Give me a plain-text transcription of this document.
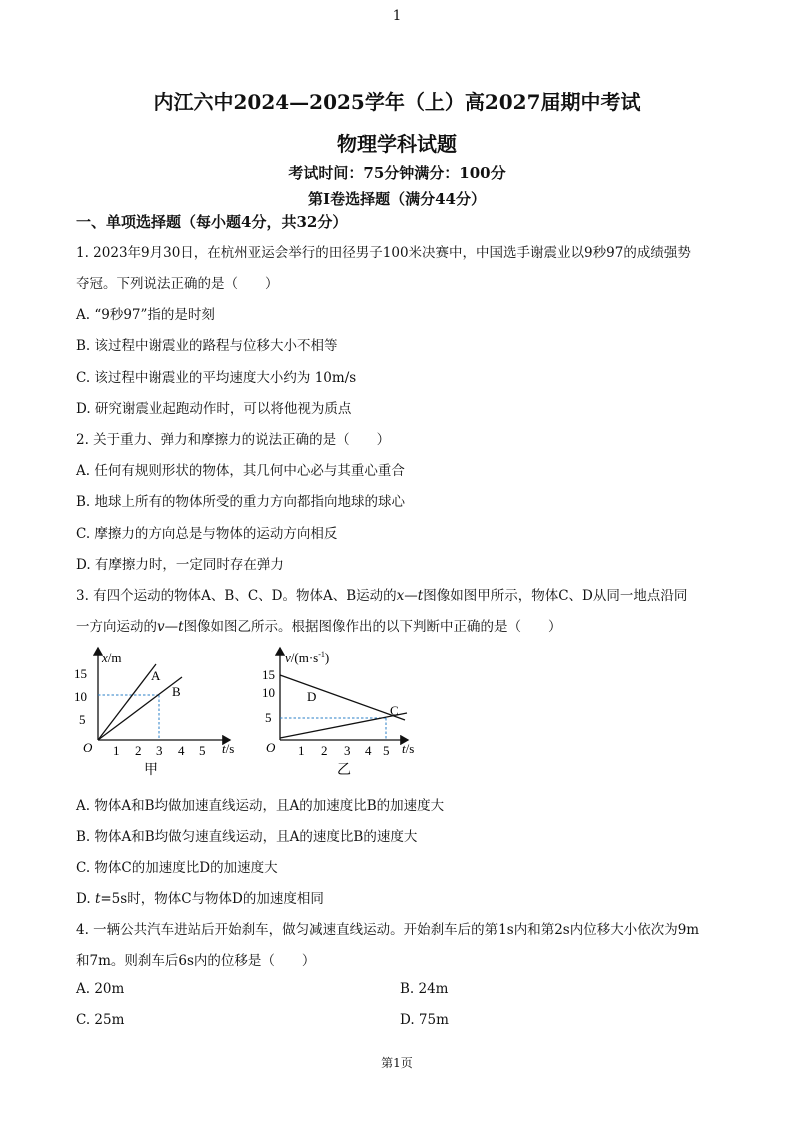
1
内江六中2024—2025学年（上）高2027届期中考试
物理学科试题
考试时间：75分钟满分：100分
第I卷选择题（满分44分）
一、单项选择题（每小题4分，共32分）
1. 2023年9月30日，在杭州亚运会举行的田径男子100米决赛中，中国选手谢震业以9秒97的成绩强势
夺冠。下列说法正确的是（　　）
A. “9秒97”指的是时刻
B. 该过程中谢震业的路程与位移大小不相等
C. 该过程中谢震业的平均速度大小约为 10m/s
D. 研究谢震业起跑动作时，可以将他视为质点
2. 关于重力、弹力和摩擦力的说法正确的是（　　）
A. 任何有规则形状的物体，其几何中心必与其重心重合
B. 地球上所有的物体所受的重力方向都指向地球的球心
C. 摩擦力的方向总是与物体的运动方向相反
D. 有摩擦力时，一定同时存在弹力
3. 有四个运动的物体A、B、C、D。物体A、B运动的x—t图像如图甲所示，物体C、D从同一地点沿同
一方向运动的v—t图像如图乙所示。根据图像作出的以下判断中正确的是（　　）
x/m
t/s
O
5
10
15
1 2 3 4 5
A
B
甲
$v/(m\cdot s^{-1})$
t/s
O
5
10
15
1 2 3 4 5
D
C
乙
A. 物体A和B均做加速直线运动，且A的加速度比B的加速度大
B. 物体A和B均做匀速直线运动，且A的速度比B的速度大
C. 物体C的加速度比D的加速度大
D. t=5s时，物体C与物体D的加速度相同
4. 一辆公共汽车进站后开始刹车，做匀减速直线运动。开始刹车后的第1s内和第2s内位移大小依次为9m
和7m。则刹车后6s内的位移是（　　）
A. 20m	B. 24m
C. 25m	D. 75m
第1页
